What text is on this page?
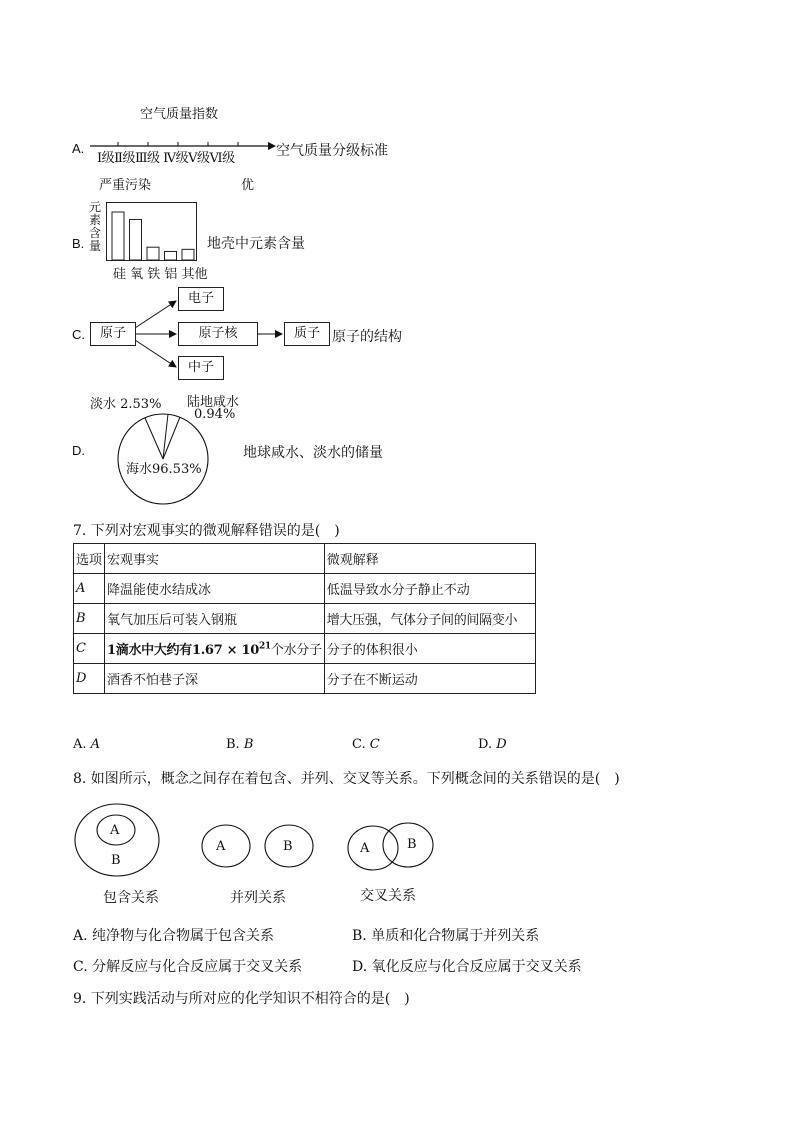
空气质量指数
A.	空气质量分级标准
Ⅰ级Ⅱ级Ⅲ级 Ⅳ级Ⅴ级Ⅵ级
严重污染	优
B.
元
素
含
量
硅 氧 铁 铝 其他
地壳中元素含量
C.	原子
电子
原子核
中子
质子 原子的结构
淡水 2.53% 陆地咸水
0.94%
D.
海水96.53%
地球咸水、淡水的储量
7. 下列对宏观事实的微观解释错误的是(　)
选项	宏观事实	微观解释
A	降温能使水结成冰	低温导致水分子静止不动
B	氧气加压后可装入钢瓶	增大压强，气体分子间的间隔变小
C	1滴水中大约有$1.67 \times 10^{21}$个水分子	分子的体积很小
D	酒香不怕巷子深	分子在不断运动
A. A	B. B	C. C	D. D
8. 如图所示，概念之间存在着包含、并列、交叉等关系。下列概念间的关系错误的是(　)
A
B
A	B	A	B
包含关系	并列关系	交叉关系
A. 纯净物与化合物属于包含关系	B. 单质和化合物属于并列关系
C. 分解反应与化合反应属于交叉关系	D. 氧化反应与化合反应属于交叉关系
9. 下列实践活动与所对应的化学知识不相符合的是(　)
